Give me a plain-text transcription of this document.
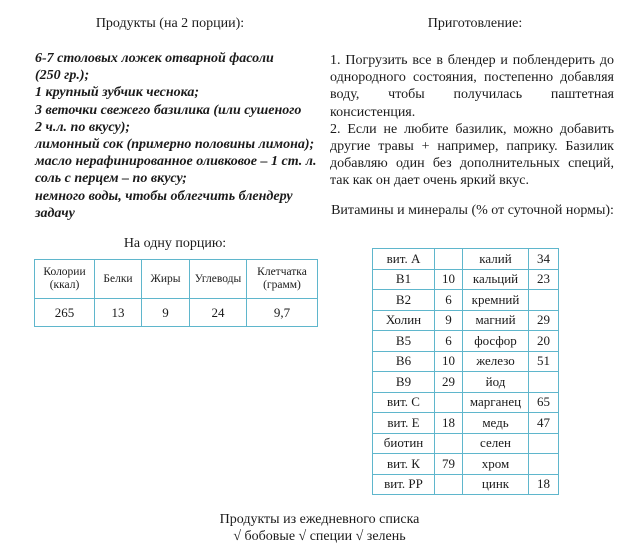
Продукты (на 2 порции):
6-7 столовых ложек отварной фасоли
(250 гр.);
1 крупный зубчик чеснока;
3 веточки свежего базилика (или сушеного
2 ч.л. по вкусу);
лимонный сок (примерно половины лимона);
масло нерафинированное оливковое – 1 ст. л.
соль с перцем – по вкусу;
немного воды, чтобы облегчить блендеру
задачу
На одну порцию:
Колории (ккал)	Белки	Жиры	Углеводы	Клетчатка (грамм)
265	13	9	24	9,7
Приготовление:

1. Погрузить все в блендер и поблендерить до однородного состояния, постепенно добавляя воду, чтобы получилась паштетная консистенция.

2. Если не любите базилик, можно добавить другие травы + например, паприку. Базилик добавляю один без дополнительных специй, так как он дает очень яркий вкус.

Витамины и минералы (% от суточной нормы):
вит. А		калий	34
В1	10	кальций	23
В2	6	кремний	
Холин	9	магний	29
В5	6	фосфор	20
В6	10	железо	51
В9	29	йод	
вит. С		марганец	65
вит. Е	18	медь	47
биотин		селен	
вит. К	79	хром	
вит. РР		цинк	18
Продукты из ежедневного списка
√ бобовые √ специи √ зелень
